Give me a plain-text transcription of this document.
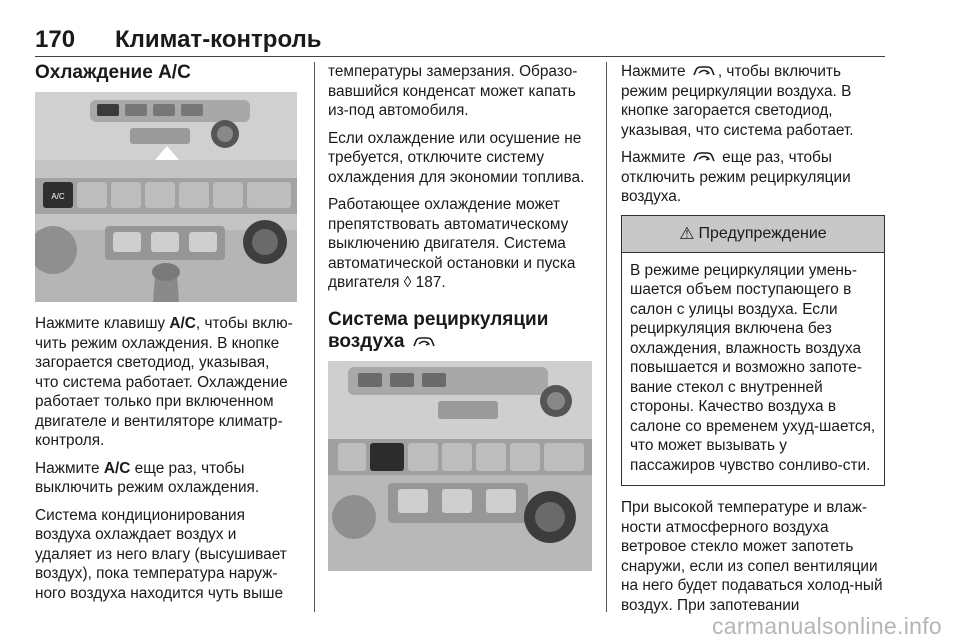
170 Климат-контроль
Охлаждение A/C
A/C

Нажмите клавишу A/C, чтобы вклю-чить режим охлаждения. В кнопке загорается светодиод, указывая, что система работает. Охлаждение работает только при включенном двигателе и вентиляторе климатр-контроля.

Нажмите A/C еще раз, чтобы выключить режим охлаждения.

Система кондиционирования воздуха охлаждает воздух и удаляет из него влагу (высушивает воздух), пока температура наруж-ного воздуха находится чуть выше

температуры замерзания. Образо-вавшийся конденсат может капать из-под автомобиля.

Если охлаждение или осушение не требуется, отключите систему охлаждения для экономии топлива.

Работающее охлаждение может препятствовать автоматическому выключению двигателя. Система автоматической остановки и пуска двигателя ◊ 187.

Система рециркуляции воздуха

Нажмите
, чтобы включить режим рециркуляции воздуха. В кнопке загорается светодиод, указывая, что система работает.

Нажмите
еще раз, чтобы отключить режим рециркуляции воздуха.

⚠ Предупреждение
В режиме рециркуляции умень-шается объем поступающего в салон с улицы воздуха. Если рециркуляция включена без охлаждения, влажность воздуха повышается и возможно запоте-вание стекол с внутренней стороны. Качество воздуха в салоне со временем ухуд-шается, что может вызывать у пассажиров чувство сонливо-сти.

При высокой температуре и влаж-ности атмосферного воздуха ветровое стекло может запотеть снаружи, если из сопел вентиляции на него будет подаваться холод-ный воздух. При запотевании

carmanualsonline.info
